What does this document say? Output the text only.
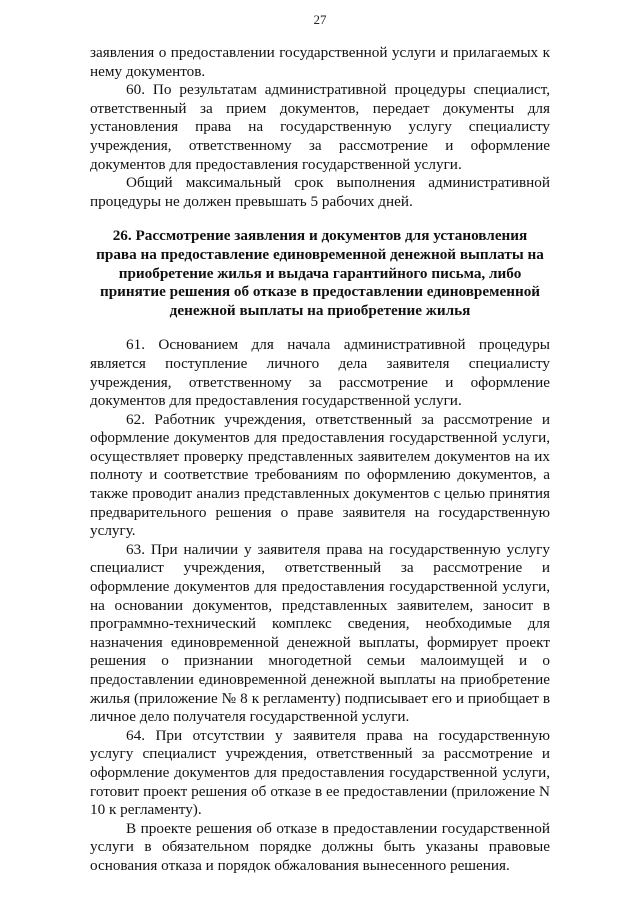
27

заявления о предоставлении государственной услуги и прилагаемых к нему документов.

60. По результатам административной процедуры специалист, ответственный за прием документов, передает документы для установления права на государственную услугу специалисту учреждения, ответственному за рассмотрение и оформление документов для предоставления государственной услуги.

Общий максимальный срок выполнения административной процедуры не должен превышать 5 рабочих дней.

26. Рассмотрение заявления и документов для установления права на предоставление единовременной денежной выплаты на приобретение жилья и выдача гарантийного письма, либо принятие решения об отказе в предоставлении единовременной денежной выплаты на приобретение жилья

61. Основанием для начала административной процедуры является поступление личного дела заявителя специалисту учреждения, ответственному за рассмотрение и оформление документов для предоставления государственной услуги.

62. Работник учреждения, ответственный за рассмотрение и оформление документов для предоставления государственной услуги, осуществляет проверку представленных заявителем документов на их полноту и соответствие требованиям по оформлению документов, а также проводит анализ представленных документов с целью принятия предварительного решения о праве заявителя на государственную услугу.

63. При наличии у заявителя права на государственную услугу специалист учреждения, ответственный за рассмотрение и оформление документов для предоставления государственной услуги, на основании документов, представленных заявителем, заносит в программно-технический комплекс сведения, необходимые для назначения единовременной денежной выплаты, формирует проект решения о признании многодетной семьи малоимущей и о предоставлении единовременной денежной выплаты на приобретение жилья (приложение № 8 к регламенту) подписывает его и приобщает в личное дело получателя государственной услуги.

64. При отсутствии у заявителя права на государственную услугу специалист учреждения, ответственный за рассмотрение и оформление документов для предоставления государственной услуги, готовит проект решения об отказе в ее предоставлении (приложение N 10 к регламенту).

В проекте решения об отказе в предоставлении государственной услуги в обязательном порядке должны быть указаны правовые основания отказа и порядок обжалования вынесенного решения.
